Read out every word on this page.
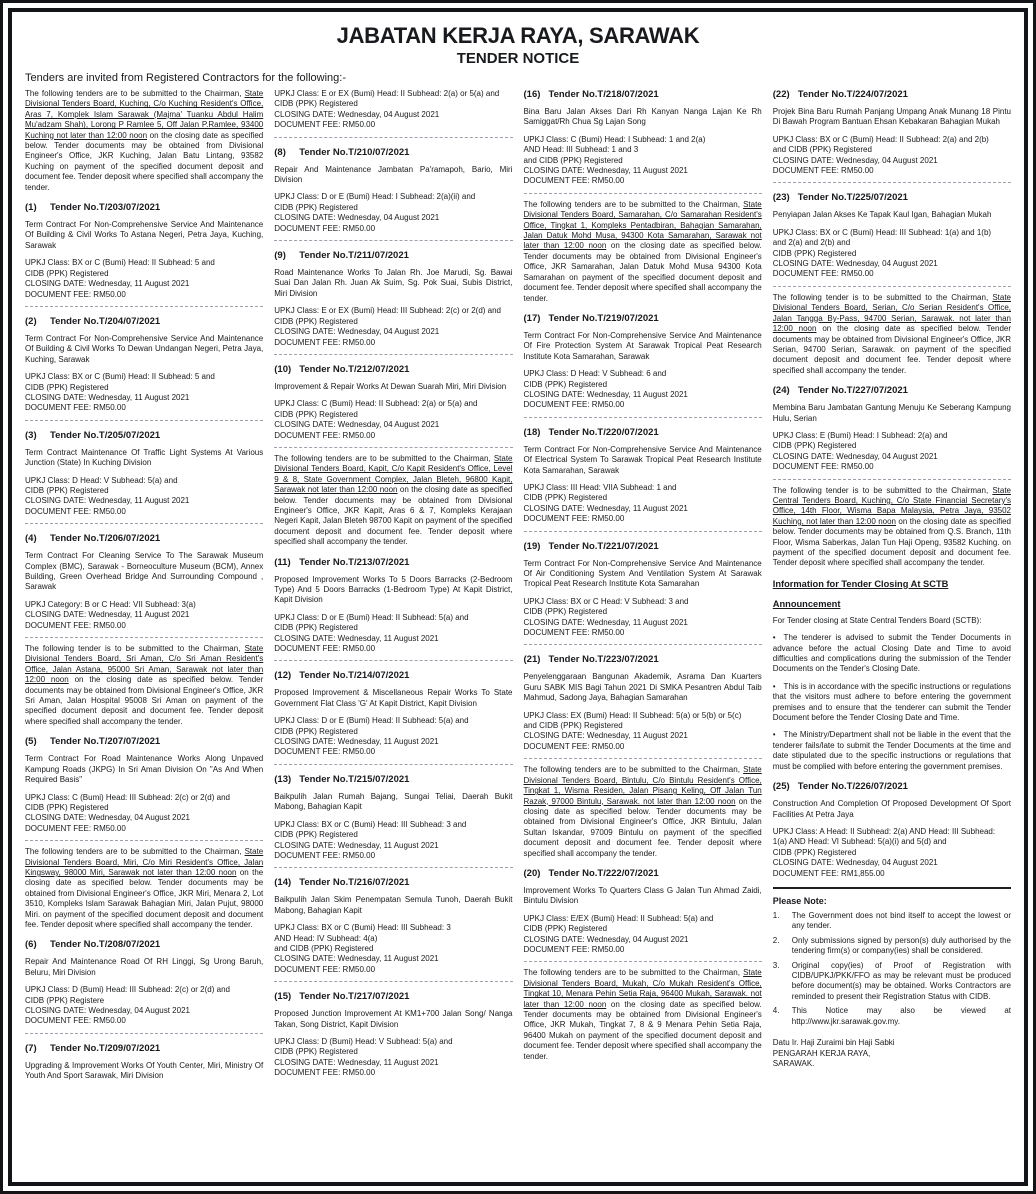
JABATAN KERJA RAYA, SARAWAK
TENDER NOTICE

Tenders are invited from Registered Contractors for the following:-

The following tenders are to be submitted to the Chairman, State Divisional Tenders Board, Kuching, C/o Kuching Resident's Office, Aras 7, Komplek Islam Sarawak (Majma' Tuanku Abdul Halim Mu'adzam Shah), Lorong P Ramlee 5, Off Jalan P.Ramlee, 93400 Kuching not later than 12:00 noon on the closing date as specified below. Tender documents may be obtained from Divisional Engineer's Office, JKR Kuching, Jalan Batu Lintang, 93582 Kuching on payment of the specified document deposit and document fee. Tender deposit where specified shall accompany the tender.

(1)	Tender No.T/203/07/2021

Term Contract For Non-Comprehensive Service And Maintenance Of Building & Civil Works To Astana Negeri, Petra Jaya, Kuching, Sarawak

UPKJ Class: BX or C (Bumi) Head: II Subhead: 5 and
CIDB (PPK) Registered
CLOSING DATE: Wednesday, 11 August 2021
DOCUMENT FEE: RM50.00
(2)	Tender No.T/204/07/2021

Term Contract For Non-Comprehensive Service And Maintenance Of Building & Civil Works To Dewan Undangan Negeri, Petra Jaya, Kuching, Sarawak

UPKJ Class: BX or C (Bumi) Head: II Subhead: 5 and
CIDB (PPK) Registered
CLOSING DATE: Wednesday, 11 August 2021
DOCUMENT FEE: RM50.00
(3)	Tender No.T/205/07/2021

Term Contract Maintenance Of Traffic Light Systems At Various Junction (State) In Kuching Division

UPKJ Class: D Head: V Subhead: 5(a) and
CIDB (PPK) Registered
CLOSING DATE: Wednesday, 11 August 2021
DOCUMENT FEE: RM50.00
(4)	Tender No.T/206/07/2021

Term Contract For Cleaning Service To The Sarawak Museum Complex (BMC), Sarawak - Borneoculture Museum (BCM), Annex Building, Green Overhead Bridge And Surrounding Compound , Sarawak

UPKJ Category: B or C Head: VII Subhead: 3(a)
CLOSING DATE: Wednesday, 11 August 2021
DOCUMENT FEE: RM50.00

The following tender is to be submitted to the Chairman, State Divisional Tenders Board, Sri Aman, C/o Sri Aman Resident's Office, Jalan Astana, 95000 Sri Aman, Sarawak not later than 12:00 noon on the closing date as specified below. Tender documents may be obtained from Divisional Engineer's Office, JKR Sri Aman, Jalan Hospital 95008 Sri Aman on payment of the specified document deposit and document fee. Tender deposit where specified shall accompany the tender.

(5)	Tender No.T/207/07/2021

Term Contract For Road Maintenance Works Along Unpaved Kampung Roads (JKPG) In Sri Aman Division On "As And When Required Basis"

UPKJ Class: C (Bumi) Head: III Subhead: 2(c) or 2(d) and
CIDB (PPK) Registered
CLOSING DATE: Wednesday, 04 August 2021
DOCUMENT FEE: RM50.00

The following tenders are to be submitted to the Chairman, State Divisional Tenders Board, Miri, C/o Miri Resident's Office, Jalan Kingsway, 98000 Miri, Sarawak not later than 12:00 noon on the closing date as specified below. Tender documents may be obtained from Divisional Engineer's Office, JKR Miri, Menara 2, Lot 3510, Kompleks Islam Sarawak Bahagian Miri, Jalan Pujut, 98000 Miri. on payment of the specified document deposit and document fee. Tender deposit where specified shall accompany the tender.

(6)	Tender No.T/208/07/2021

Repair And Maintenance Road Of RH Linggi, Sg Urong Baruh, Beluru, Miri Division

UPKJ Class: D (Bumi) Head: III Subhead: 2(c) or 2(d) and
CIDB (PPK) Registere
CLOSING DATE: Wednesday, 04 August 2021
DOCUMENT FEE: RM50.00
(7)	Tender No.T/209/07/2021

Upgrading & Improvement Works Of Youth Center, Miri, Ministry Of Youth And Sport Sarawak, Miri Division

UPKJ Class: E or EX (Bumi) Head: II Subhead: 2(a) or 5(a) and
CIDB (PPK) Registered
CLOSING DATE: Wednesday, 04 August 2021
DOCUMENT FEE: RM50.00
(8)	Tender No.T/210/07/2021

Repair And Maintenance Jambatan Pa'ramapoh, Bario, Miri Division

UPKJ Class: D or E (Bumi) Head: I Subhead: 2(a)(ii) and
CIDB (PPK) Registered
CLOSING DATE: Wednesday, 04 August 2021
DOCUMENT FEE: RM50.00
(9)	Tender No.T/211/07/2021

Road Maintenance Works To Jalan Rh. Joe Marudi, Sg. Bawai Suai Dan Jalan Rh. Juan Ak Suim, Sg. Pok Suai, Subis District, Miri Division

UPKJ Class: E or EX (Bumi) Head: III Subhead: 2(c) or 2(d) and
CIDB (PPK) Registered
CLOSING DATE: Wednesday, 04 August 2021
DOCUMENT FEE: RM50.00
(10) Tender No.T/212/07/2021

Improvement & Repair Works At Dewan Suarah Miri, Miri Division

UPKJ Class: C (Bumi) Head: II Subhead: 2(a) or 5(a) and
CIDB (PPK) Registered
CLOSING DATE: Wednesday, 04 August 2021
DOCUMENT FEE: RM50.00

The following tenders are to be submitted to the Chairman, State Divisional Tenders Board, Kapit, C/o Kapit Resident's Office, Level 9 & 8, State Government Complex, Jalan Bleteh, 96800 Kapit, Sarawak not later than 12:00 noon on the closing date as specified below. Tender documents may be obtained from Divisional Engineer's Office, JKR Kapit, Aras 6 & 7, Kompleks Kerajaan Negeri Kapit, Jalan Bleteh 98700 Kapit on payment of the specified document deposit and document fee. Tender deposit where specified shall accompany the tender.

(11) Tender No.T/213/07/2021

Proposed Improvement Works To 5 Doors Barracks (2-Bedroom Type) And 5 Doors Barracks (1-Bedroom Type) At Kapit District, Kapit Division

UPKJ Class: D or E (Bumi) Head: II Subhead: 5(a) and
CIDB (PPK) Registered
CLOSING DATE: Wednesday, 11 August 2021
DOCUMENT FEE: RM50.00
(12) Tender No.T/214/07/2021

Proposed Improvement & Miscellaneous Repair Works To State Government Flat Class 'G' At Kapit District, Kapit Division

UPKJ Class: D or E (Bumi) Head: II Subhead: 5(a) and
CIDB (PPK) Registered
CLOSING DATE: Wednesday, 11 August 2021
DOCUMENT FEE: RM50.00
(13) Tender No.T/215/07/2021

Baikpulih Jalan Rumah Bajang, Sungai Teliai, Daerah Bukit Mabong, Bahagian Kapit

UPKJ Class: BX or C (Bumi) Head: III Subhead: 3 and
CIDB (PPK) Registered
CLOSING DATE: Wednesday, 11 August 2021
DOCUMENT FEE: RM50.00
(14) Tender No.T/216/07/2021

Baikpulih Jalan Skim Penempatan Semula Tunoh, Daerah Bukit Mabong, Bahagian Kapit

UPKJ Class: BX or C (Bumi) Head: III Subhead: 3
AND Head: IV Subhead: 4(a)
and CIDB (PPK) Registered
CLOSING DATE: Wednesday, 11 August 2021
DOCUMENT FEE: RM50.00
(15) Tender No.T/217/07/2021

Proposed Junction Improvement At KM1+700 Jalan Song/ Nanga Takan, Song District, Kapit Division

UPKJ Class: D (Bumi) Head: V Subhead: 5(a) and
CIDB (PPK) Registered
CLOSING DATE: Wednesday, 11 August 2021
DOCUMENT FEE: RM50.00
(16) Tender No.T/218/07/2021

Bina Baru Jalan Akses Dari Rh Kanyan Nanga Lajan Ke Rh Samiggat/Rh Chua Sg Lajan Song

UPKJ Class: C (Bumi) Head: I Subhead: 1 and 2(a)
AND Head: III Subhead: 1 and 3
and CIDB (PPK) Registered
CLOSING DATE: Wednesday, 11 August 2021
DOCUMENT FEE: RM50.00

The following tenders are to be submitted to the Chairman, State Divisional Tenders Board, Samarahan, C/o Samarahan Resident's Office, Tingkat 1, Kompleks Pentadbiran, Bahagian Samarahan, Jalan Datuk Mohd Musa, 94300 Kota Samarahan, Sarawak not later than 12:00 noon on the closing date as specified below. Tender documents may be obtained from Divisional Engineer's Office, JKR Samarahan, Jalan Datuk Mohd Musa 94300 Kota Samarahan on payment of the specified document deposit and document fee. Tender deposit where specified shall accompany the tender.

(17) Tender No.T/219/07/2021

Term Contract For Non-Comprehensive Service And Maintenance Of Fire Protection System At Sarawak Tropical Peat Research Institute Kota Samarahan, Sarawak

UPKJ Class: D Head: V Subhead: 6 and
CIDB (PPK) Registered
CLOSING DATE: Wednesday, 11 August 2021
DOCUMENT FEE: RM50.00
(18) Tender No.T/220/07/2021

Term Contract For Non-Comprehensive Service And Maintenance Of Electrical System To Sarawak Tropical Peat Research Institute Kota Samarahan, Sarawak

UPKJ Class: III Head: VIIA Subhead: 1 and
CIDB (PPK) Registered
CLOSING DATE: Wednesday, 11 August 2021
DOCUMENT FEE: RM50.00
(19) Tender No.T/221/07/2021

Term Contract For Non-Comprehensive Service And Maintenance Of Air Conditioning System And Ventilation System At Sarawak Tropical Peat Research Institute Kota Samarahan

UPKJ Class: BX or C Head: V Subhead: 3 and
CIDB (PPK) Registered
CLOSING DATE: Wednesday, 11 August 2021
DOCUMENT FEE: RM50.00
(21) Tender No.T/223/07/2021

Penyelenggaraan Bangunan Akademik, Asrama Dan Kuarters Guru SABK MIS Bagi Tahun 2021 Di SMKA Pesantren Abdul Taib Mahmud, Sadong Jaya, Bahagian Samarahan

UPKJ Class: EX (Bumi) Head: II Subhead: 5(a) or 5(b) or 5(c)
and CIDB (PPK) Registered
CLOSING DATE: Wednesday, 11 August 2021
DOCUMENT FEE: RM50.00

The following tenders are to be submitted to the Chairman, State Divisional Tenders Board, Bintulu, C/o Bintulu Resident's Office, Tingkat 1, Wisma Residen, Jalan Pisang Keling, Off Jalan Tun Razak, 97000 Bintulu, Sarawak. not later than 12:00 noon on the closing date as specified below. Tender documents may be obtained from Divisional Engineer's Office, JKR Bintulu, Jalan Sultan Iskandar, 97009 Bintulu on payment of the specified document deposit and document fee. Tender deposit where specified shall accompany the tender.

(20) Tender No.T/222/07/2021

Improvement Works To Quarters Class G Jalan Tun Ahmad Zaidi, Bintulu Division

UPKJ Class: E/EX (Bumi) Head: II Subhead: 5(a) and
CIDB (PPK) Registered
CLOSING DATE: Wednesday, 04 August 2021
DOCUMENT FEE: RM50.00

The following tenders are to be submitted to the Chairman, State Divisional Tenders Board, Mukah, C/o Mukah Resident's Office, Tingkat 10, Menara Pehin Setia Raja, 96400 Mukah, Sarawak. not later than 12:00 noon on the closing date as specified below. Tender documents may be obtained from Divisional Engineer's Office, JKR Mukah, Tingkat 7, 8 & 9 Menara Pehin Setia Raja, 96400 Mukah on payment of the specified document deposit and document fee. Tender deposit where specified shall accompany the tender.

(22) Tender No.T/224/07/2021

Projek Bina Baru Rumah Panjang Umpang Anak Munang 18 Pintu Di Bawah Program Bantuan Ehsan Kebakaran Bahagian Mukah

UPKJ Class: BX or C (Bumi) Head: II Subhead: 2(a) and 2(b)
and CIDB (PPK) Registered
CLOSING DATE: Wednesday, 04 August 2021
DOCUMENT FEE: RM50.00
(23) Tender No.T/225/07/2021

Penyiapan Jalan Akses Ke Tapak Kaul Igan, Bahagian Mukah

UPKJ Class: BX or C (Bumi) Head: III Subhead: 1(a) and 1(b)
and 2(a) and 2(b) and
CIDB (PPK) Registered
CLOSING DATE: Wednesday, 04 August 2021
DOCUMENT FEE: RM50.00

The following tender is to be submitted to the Chairman, State Divisional Tenders Board, Serian, C/o Serian Resident's Office, Jalan Tangga By-Pass, 94700 Serian, Sarawak. not later than 12:00 noon on the closing date as specified below. Tender documents may be obtained from Divisional Engineer's Office, JKR Serian, 94700 Serian, Sarawak. on payment of the specified document deposit and document fee. Tender deposit where specified shall accompany the tender.

(24) Tender No.T/227/07/2021

Membina Baru Jambatan Gantung Menuju Ke Seberang Kampung Hulu, Serian

UPKJ Class: E (Bumi) Head: I Subhead: 2(a) and
CIDB (PPK) Registered
CLOSING DATE: Wednesday, 04 August 2021
DOCUMENT FEE: RM50.00

The following tender is to be submitted to the Chairman, State Central Tenders Board, Kuching, C/o State Financial Secretary's Office, 14th Floor, Wisma Bapa Malaysia, Petra Jaya, 93502 Kuching, not later than 12:00 noon on the closing date as specified below. Tender documents may be obtained from Q.S. Branch, 11th Floor, Wisma Saberkas, Jalan Tun Haji Openg, 93582 Kuching. on payment of the specified document deposit and document fee. Tender deposit where specified shall accompany the tender.

Information for Tender Closing At SCTB
Announcement

For Tender closing at State Central Tenders Board (SCTB):

• The tenderer is advised to submit the Tender Documents in advance before the actual Closing Date and Time to avoid difficulties and complications during the submission of the Tender Documents on the Tender's Closing Date.

• This is in accordance with the specific instructions or regulations that the visitors must adhere to before entering the government premises and to ensure that the tenderer can submit the Tender Document before the Tender Closing Date and Time.

• The Ministry/Department shall not be liable in the event that the tenderer fails/late to submit the Tender Documents at the time and date stipulated due to the specific instructions or regulations that must be complied with before entering the government premises.

(25) Tender No.T/226/07/2021

Construction And Completion Of Proposed Development Of Sport Facilities At Petra Jaya

UPKJ Class: A Head: II Subhead: 2(a) AND Head: III Subhead: 1(a) AND Head: VI Subhead: 5(a)(i) and 5(d) and
CIDB (PPK) Registered
CLOSING DATE: Wednesday, 04 August 2021
DOCUMENT FEE: RM1,855.00
Please Note:
1.	The Government does not bind itself to accept the lowest or any tender.
2.	Only submissions signed by person(s) duly authorised by the tendering firm(s) or company(ies) shall be considered.
3.	Original copy(ies) of Proof of Registration with CIDB/UPKJ/PKK/FFO as may be relevant must be produced before document(s) may be obtained. Works Contractors are reminded to present their Registration Status with CIDB.
4.	This Notice may also be viewed at http://www.jkr.sarawak.gov.my.
Datu Ir. Haji Zuraimi bin Haji Sabki
PENGARAH KERJA RAYA,
SARAWAK.
